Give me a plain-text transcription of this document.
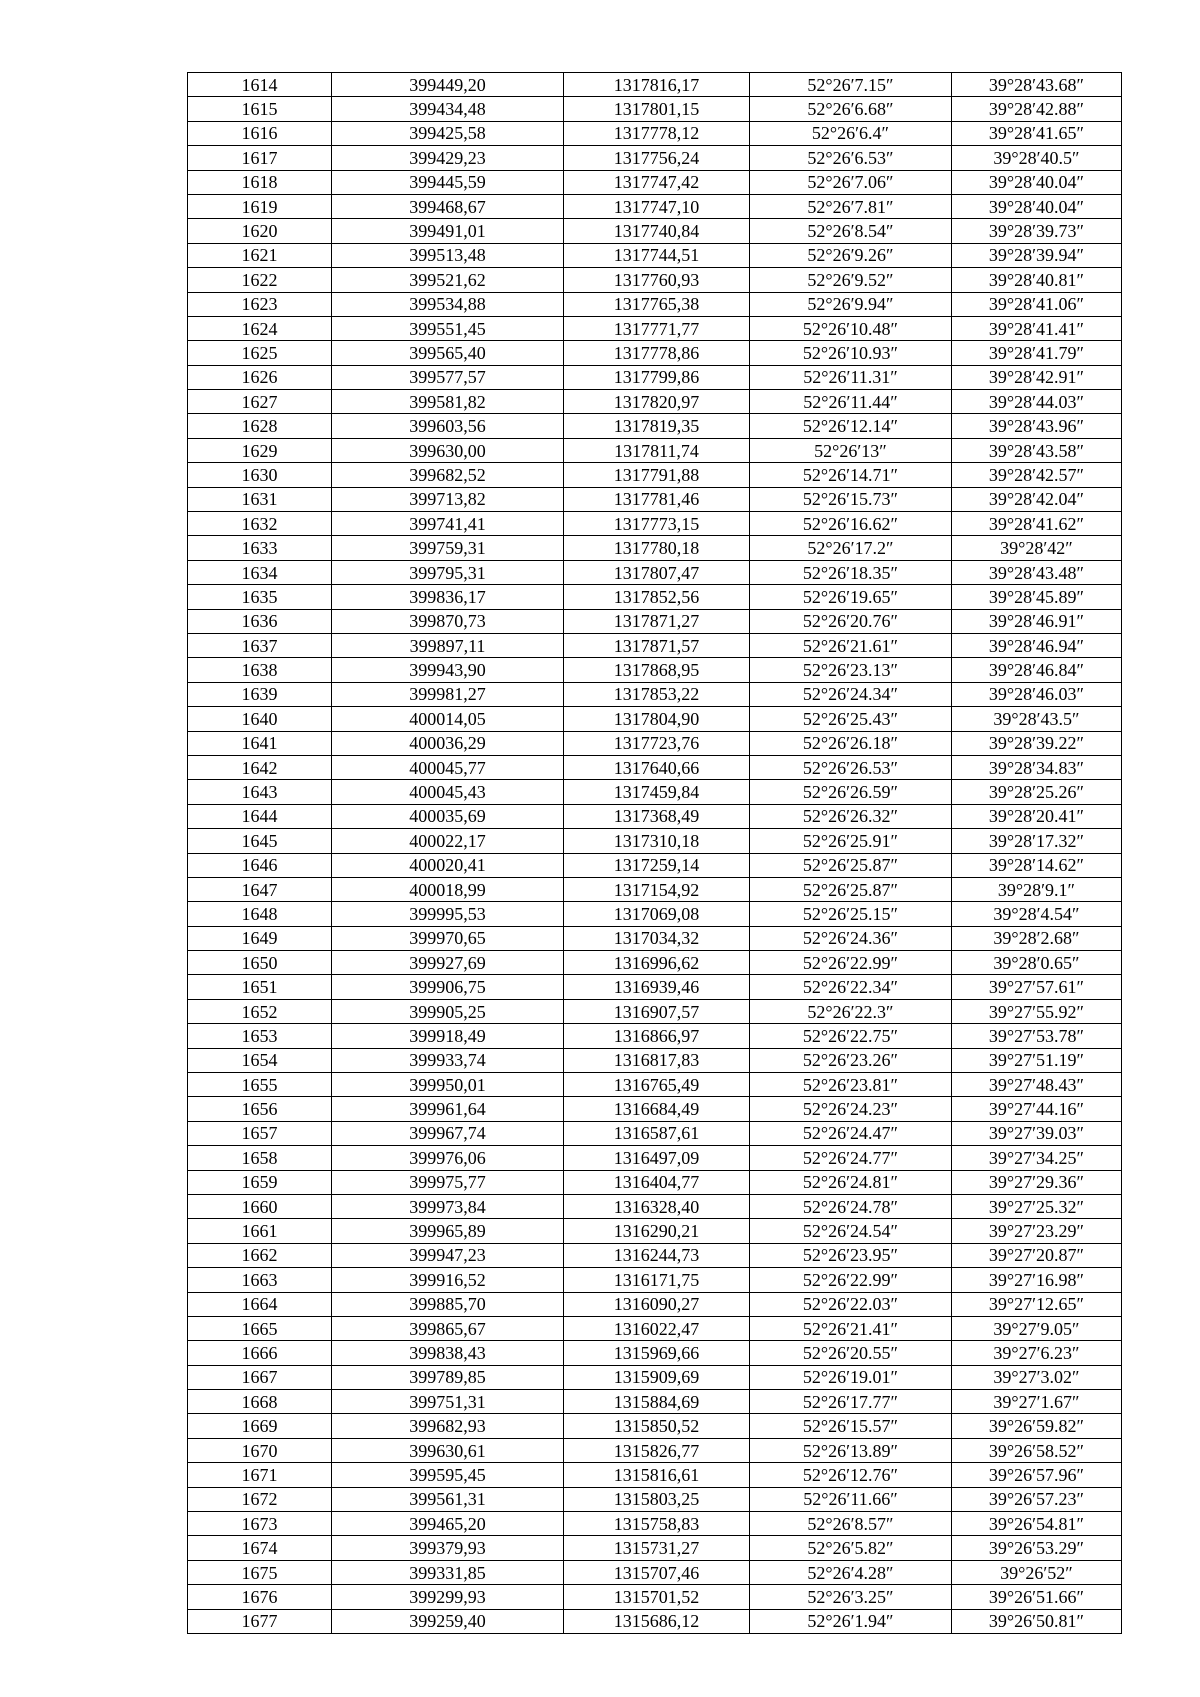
1614	399449,20	1317816,17	52°26′7.15″	39°28′43.68″
1615	399434,48	1317801,15	52°26′6.68″	39°28′42.88″
1616	399425,58	1317778,12	52°26′6.4″	39°28′41.65″
1617	399429,23	1317756,24	52°26′6.53″	39°28′40.5″
1618	399445,59	1317747,42	52°26′7.06″	39°28′40.04″
1619	399468,67	1317747,10	52°26′7.81″	39°28′40.04″
1620	399491,01	1317740,84	52°26′8.54″	39°28′39.73″
1621	399513,48	1317744,51	52°26′9.26″	39°28′39.94″
1622	399521,62	1317760,93	52°26′9.52″	39°28′40.81″
1623	399534,88	1317765,38	52°26′9.94″	39°28′41.06″
1624	399551,45	1317771,77	52°26′10.48″	39°28′41.41″
1625	399565,40	1317778,86	52°26′10.93″	39°28′41.79″
1626	399577,57	1317799,86	52°26′11.31″	39°28′42.91″
1627	399581,82	1317820,97	52°26′11.44″	39°28′44.03″
1628	399603,56	1317819,35	52°26′12.14″	39°28′43.96″
1629	399630,00	1317811,74	52°26′13″	39°28′43.58″
1630	399682,52	1317791,88	52°26′14.71″	39°28′42.57″
1631	399713,82	1317781,46	52°26′15.73″	39°28′42.04″
1632	399741,41	1317773,15	52°26′16.62″	39°28′41.62″
1633	399759,31	1317780,18	52°26′17.2″	39°28′42″
1634	399795,31	1317807,47	52°26′18.35″	39°28′43.48″
1635	399836,17	1317852,56	52°26′19.65″	39°28′45.89″
1636	399870,73	1317871,27	52°26′20.76″	39°28′46.91″
1637	399897,11	1317871,57	52°26′21.61″	39°28′46.94″
1638	399943,90	1317868,95	52°26′23.13″	39°28′46.84″
1639	399981,27	1317853,22	52°26′24.34″	39°28′46.03″
1640	400014,05	1317804,90	52°26′25.43″	39°28′43.5″
1641	400036,29	1317723,76	52°26′26.18″	39°28′39.22″
1642	400045,77	1317640,66	52°26′26.53″	39°28′34.83″
1643	400045,43	1317459,84	52°26′26.59″	39°28′25.26″
1644	400035,69	1317368,49	52°26′26.32″	39°28′20.41″
1645	400022,17	1317310,18	52°26′25.91″	39°28′17.32″
1646	400020,41	1317259,14	52°26′25.87″	39°28′14.62″
1647	400018,99	1317154,92	52°26′25.87″	39°28′9.1″
1648	399995,53	1317069,08	52°26′25.15″	39°28′4.54″
1649	399970,65	1317034,32	52°26′24.36″	39°28′2.68″
1650	399927,69	1316996,62	52°26′22.99″	39°28′0.65″
1651	399906,75	1316939,46	52°26′22.34″	39°27′57.61″
1652	399905,25	1316907,57	52°26′22.3″	39°27′55.92″
1653	399918,49	1316866,97	52°26′22.75″	39°27′53.78″
1654	399933,74	1316817,83	52°26′23.26″	39°27′51.19″
1655	399950,01	1316765,49	52°26′23.81″	39°27′48.43″
1656	399961,64	1316684,49	52°26′24.23″	39°27′44.16″
1657	399967,74	1316587,61	52°26′24.47″	39°27′39.03″
1658	399976,06	1316497,09	52°26′24.77″	39°27′34.25″
1659	399975,77	1316404,77	52°26′24.81″	39°27′29.36″
1660	399973,84	1316328,40	52°26′24.78″	39°27′25.32″
1661	399965,89	1316290,21	52°26′24.54″	39°27′23.29″
1662	399947,23	1316244,73	52°26′23.95″	39°27′20.87″
1663	399916,52	1316171,75	52°26′22.99″	39°27′16.98″
1664	399885,70	1316090,27	52°26′22.03″	39°27′12.65″
1665	399865,67	1316022,47	52°26′21.41″	39°27′9.05″
1666	399838,43	1315969,66	52°26′20.55″	39°27′6.23″
1667	399789,85	1315909,69	52°26′19.01″	39°27′3.02″
1668	399751,31	1315884,69	52°26′17.77″	39°27′1.67″
1669	399682,93	1315850,52	52°26′15.57″	39°26′59.82″
1670	399630,61	1315826,77	52°26′13.89″	39°26′58.52″
1671	399595,45	1315816,61	52°26′12.76″	39°26′57.96″
1672	399561,31	1315803,25	52°26′11.66″	39°26′57.23″
1673	399465,20	1315758,83	52°26′8.57″	39°26′54.81″
1674	399379,93	1315731,27	52°26′5.82″	39°26′53.29″
1675	399331,85	1315707,46	52°26′4.28″	39°26′52″
1676	399299,93	1315701,52	52°26′3.25″	39°26′51.66″
1677	399259,40	1315686,12	52°26′1.94″	39°26′50.81″
